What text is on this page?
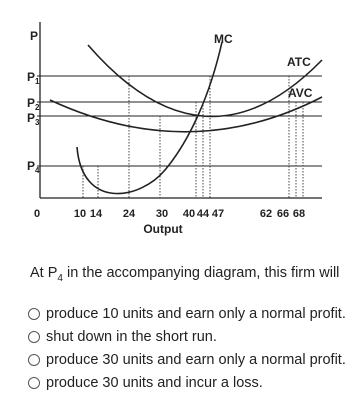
P
$P_1$
$P_2$
$P_3$
$P_4$
MC
ATC
AVC
0	10 14 24 30 40 44 47	62 66 68
Output

At $P_4$ in the accompanying diagram, this firm will

produce 10 units and earn only a normal profit.
shut down in the short run.
produce 30 units and earn only a normal profit.
produce 30 units and incur a loss.
